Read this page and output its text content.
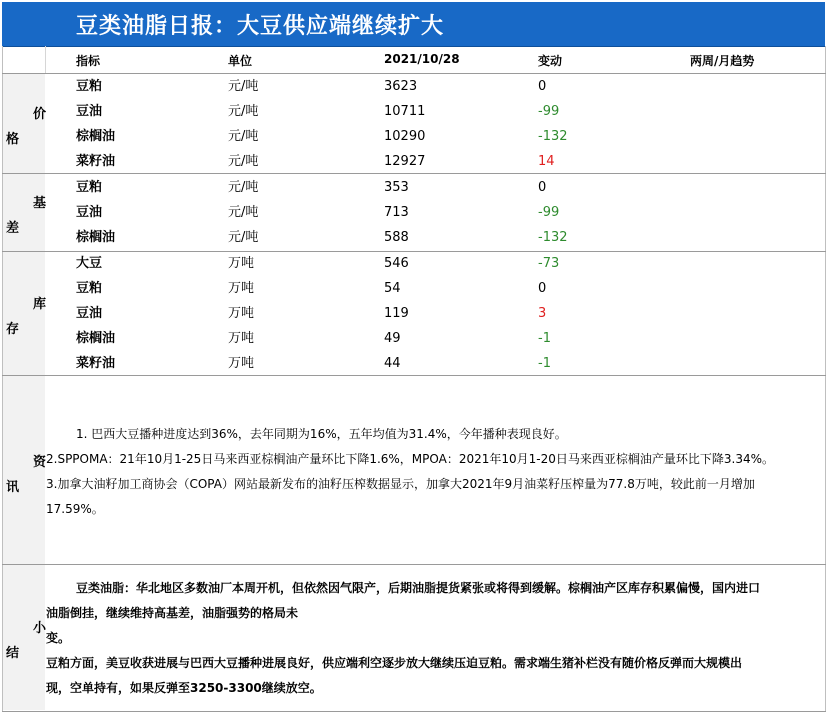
豆类油脂日报：大豆供应端继续扩大
指标	单位	2021/10/28	变动	两周/月趋势
价
格
豆粕	元/吨	3623	0
豆油	元/吨	10711	-99
棕榈油	元/吨	10290	-132
菜籽油	元/吨	12927	14
基
差
豆粕	元/吨	353	0
豆油	元/吨	713	-99
棕榈油	元/吨	588	-132
库
存
大豆	万吨	546	-73
豆粕	万吨	54	0
豆油	万吨	119	3
棕榈油	万吨	49	-1
菜籽油	万吨	44	-1
资
讯
1. 巴西大豆播种进度达到36%，去年同期为16%，五年均值为31.4%，今年播种表现良好。
2.SPPOMA：21年10月1-25日马来西亚棕榈油产量环比下降1.6%，MPOA：2021年10月1-20日马来西亚棕榈油产量环比下降3.34%。
3.加拿大油籽加工商协会（COPA）网站最新发布的油籽压榨数据显示，加拿大2021年9月油菜籽压榨量为77.8万吨，较此前一月增加
17.59%。
小
结
豆类油脂：华北地区多数油厂本周开机，但依然因气限产，后期油脂提货紧张或将得到缓解。棕榈油产区库存积累偏慢，国内进口
油脂倒挂，继续维持高基差，油脂强势的格局未
变。
豆粕方面，美豆收获进展与巴西大豆播种进展良好，供应端利空逐步放大继续压迫豆粕。需求端生猪补栏没有随价格反弹而大规模出
现，空单持有，如果反弹至3250-3300继续放空。
